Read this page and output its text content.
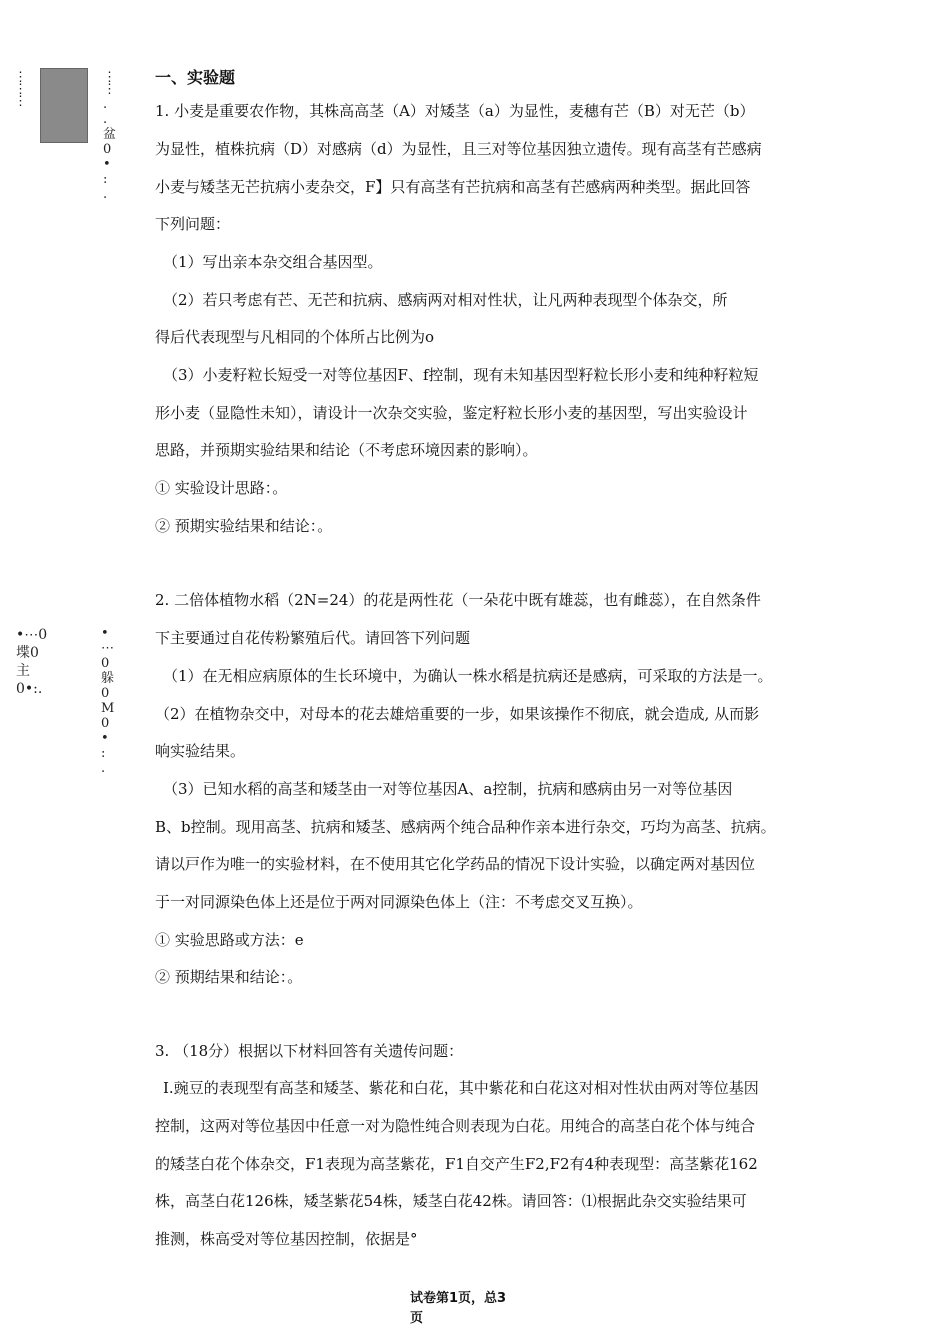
⋮
⋮
⋮
⋮
⋮
.
.
盆
0
•
:
.
•⋯0
堞0
主
0•:.
•
⋯
0
躲
0
M
0
•
:
.
一、实验题
1. 小麦是重要农作物，其株高高茎（A）对矮茎（a）为显性，麦穗有芒（B）对无芒（b）
为显性，植株抗病（D）对感病（d）为显性，且三对等位基因独立遗传。现有高茎有芒感病
小麦与矮茎无芒抗病小麦杂交，F】只有高茎有芒抗病和高茎有芒感病两种类型。据此回答
下列问题：
（1）写出亲本杂交组合基因型。
（2）若只考虑有芒、无芒和抗病、感病两对相对性状，让凡两种表现型个体杂交，所
得后代表现型与凡相同的个体所占比例为o
（3）小麦籽粒长短受一对等位基因F、f控制，现有未知基因型籽粒长形小麦和纯种籽粒短
形小麦（显隐性未知），请设计一次杂交实验，鉴定籽粒长形小麦的基因型，写出实验设计
思路，并预期实验结果和结论（不考虑环境因素的影响）。
① 实验设计思路：。
② 预期实验结果和结论：。
2. 二倍体植物水稻（2N=24）的花是两性花（一朵花中既有雄蕊，也有雌蕊），在自然条件
下主要通过自花传粉繁殖后代。请回答下列问题
（1）在无相应病原体的生长环境中，为确认一株水稻是抗病还是感病，可采取的方法是一。
（2）在植物杂交中，对母本的花去雄焙重要的一步，如果该操作不彻底，就会造成, 从而影
响实验结果。
（3）已知水稻的高茎和矮茎由一对等位基因A、a控制，抗病和感病由另一对等位基因
B、b控制。现用高茎、抗病和矮茎、感病两个纯合品种作亲本进行杂交，巧均为高茎、抗病。
请以戸作为唯一的实验材料，在不使用其它化学药品的情况下设计实验，以确定两对基因位
于一对同源染色体上还是位于两对同源染色体上（注：不考虑交叉互换）。
① 实验思路或方法：e
② 预期结果和结论：。
3. （18分）根据以下材料回答有关遗传问题：
I.豌豆的表现型有高茎和矮茎、紫花和白花，其中紫花和白花这对相对性状由两对等位基因
控制，这两对等位基因中任意一对为隐性纯合则表现为白花。用纯合的高茎白花个体与纯合
的矮茎白花个体杂交，F1表现为高茎紫花，F1自交产生F2,F2有4种表现型：高茎紫花162
株，高茎白花126株，矮茎紫花54株，矮茎白花42株。请回答：⑴根据此杂交实验结果可
推测，株高受对等位基因控制，依据是°
试卷第1页，总3
页
